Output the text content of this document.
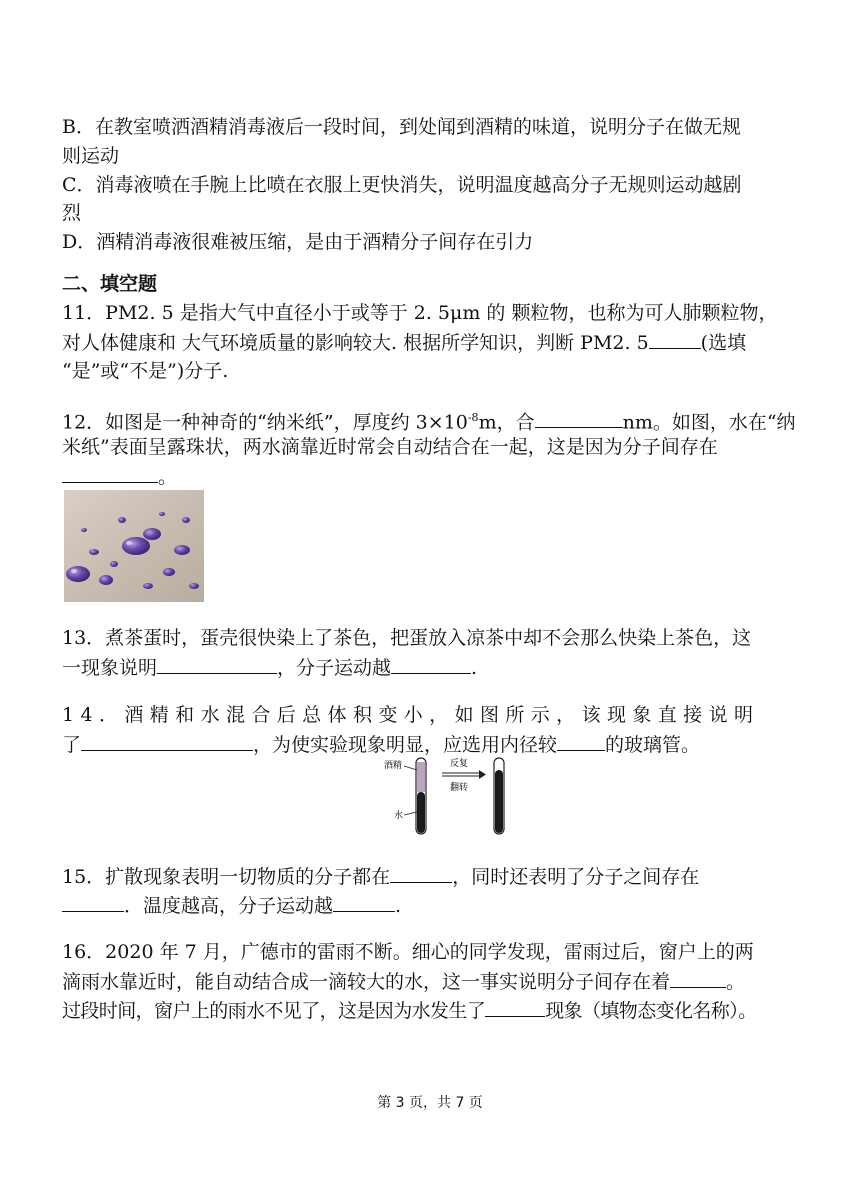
B．在教室喷洒酒精消毒液后一段时间，到处闻到酒精的味道，说明分子在做无规
则运动
C．消毒液喷在手腕上比喷在衣服上更快消失，说明温度越高分子无规则运动越剧
烈
D．酒精消毒液很难被压缩，是由于酒精分子间存在引力
二、填空题
11．PM2. 5 是指大气中直径小于或等于 2. 5μm 的 颗粒物，也称为可人肺颗粒物，
对人体健康和 大气环境质量的影响较大. 根据所学知识，判断 PM2. 5	(选填
“是”或“不是”)分子.
12．如图是一种神奇的“纳米纸”，厚度约 $3\times 10^{-8}m$，合	nm。如图，水在“纳
米纸”表面呈露珠状，两水滴靠近时常会自动结合在一起，这是因为分子间存在
。
13．煮茶蛋时，蛋壳很快染上了茶色，把蛋放入凉茶中却不会那么快染上茶色，这
一现象说明	，分子运动越	.
14．酒精和水混合后总体积变小，如图所示，该现象直接说明
了	，为使实验现象明显，应选用内径较	的玻璃管。
酒精
水
反复
翻转
15．扩散现象表明一切物质的分子都在	，同时还表明了分子之间存在
．温度越高，分子运动越	.
16．2020 年 7 月，广德市的雷雨不断。细心的同学发现，雷雨过后，窗户上的两
滴雨水靠近时，能自动结合成一滴较大的水，这一事实说明分子间存在着	。
过段时间，窗户上的雨水不见了，这是因为水发生了	现象（填物态变化名称）。
第 3 页，共 7 页
